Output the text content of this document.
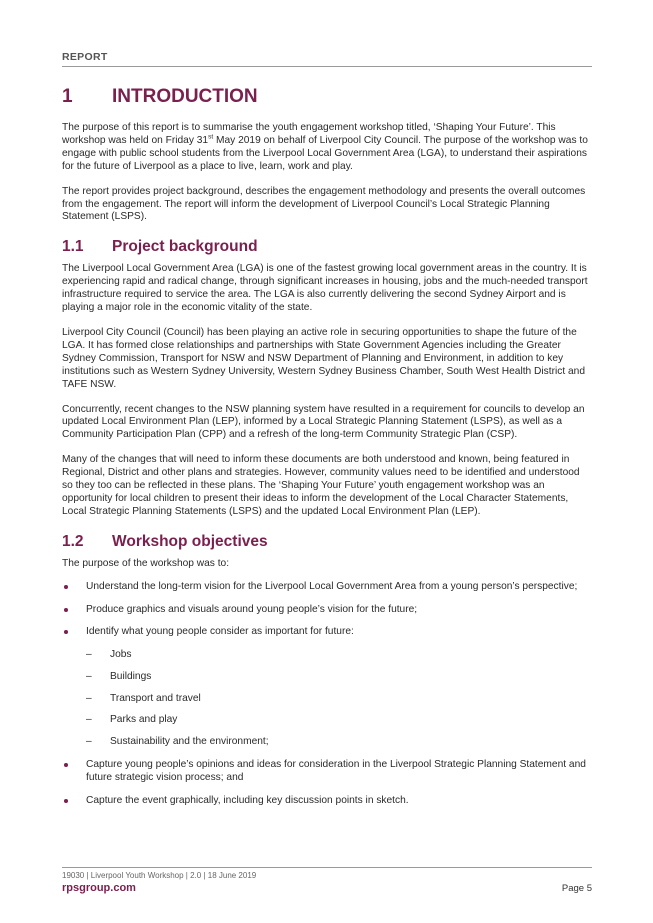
REPORT
1	INTRODUCTION

The purpose of this report is to summarise the youth engagement workshop titled, ‘Shaping Your Future’. This workshop was held on Friday 31st May 2019 on behalf of Liverpool City Council. The purpose of the workshop was to engage with public school students from the Liverpool Local Government Area (LGA), to understand their aspirations for the future of Liverpool as a place to live, learn, work and play.

The report provides project background, describes the engagement methodology and presents the overall outcomes from the engagement. The report will inform the development of Liverpool Council’s Local Strategic Planning Statement (LSPS).

1.1	Project background

The Liverpool Local Government Area (LGA) is one of the fastest growing local government areas in the country. It is experiencing rapid and radical change, through significant increases in housing, jobs and the much-needed transport infrastructure required to service the area. The LGA is also currently delivering the second Sydney Airport and is playing a major role in the economic vitality of the state.

Liverpool City Council (Council) has been playing an active role in securing opportunities to shape the future of the LGA. It has formed close relationships and partnerships with State Government Agencies including the Greater Sydney Commission, Transport for NSW and NSW Department of Planning and Environment, in addition to key institutions such as Western Sydney University, Western Sydney Business Chamber, South West Health District and TAFE NSW.

Concurrently, recent changes to the NSW planning system have resulted in a requirement for councils to develop an updated Local Environment Plan (LEP), informed by a Local Strategic Planning Statement (LSPS), as well as a Community Participation Plan (CPP) and a refresh of the long-term Community Strategic Plan (CSP).

Many of the changes that will need to inform these documents are both understood and known, being featured in Regional, District and other plans and strategies. However, community values need to be identified and understood so they too can be reflected in these plans. The ‘Shaping Your Future’ youth engagement workshop was an opportunity for local children to present their ideas to inform the development of the Local Character Statements, Local Strategic Planning Statements (LSPS) and the updated Local Environment Plan (LEP).

1.2	Workshop objectives

The purpose of the workshop was to:

Understand the long-term vision for the Liverpool Local Government Area from a young person’s perspective;
Produce graphics and visuals around young people’s vision for the future;
Identify what young people consider as important for future:
– Jobs
– Buildings
– Transport and travel
– Parks and play
– Sustainability and the environment;
Capture young people’s opinions and ideas for consideration in the Liverpool Strategic Planning Statement and future strategic vision process; and
Capture the event graphically, including key discussion points in sketch.
19030 | Liverpool Youth Workshop | 2.0 | 18 June 2019
rpsgroup.com	Page 5
